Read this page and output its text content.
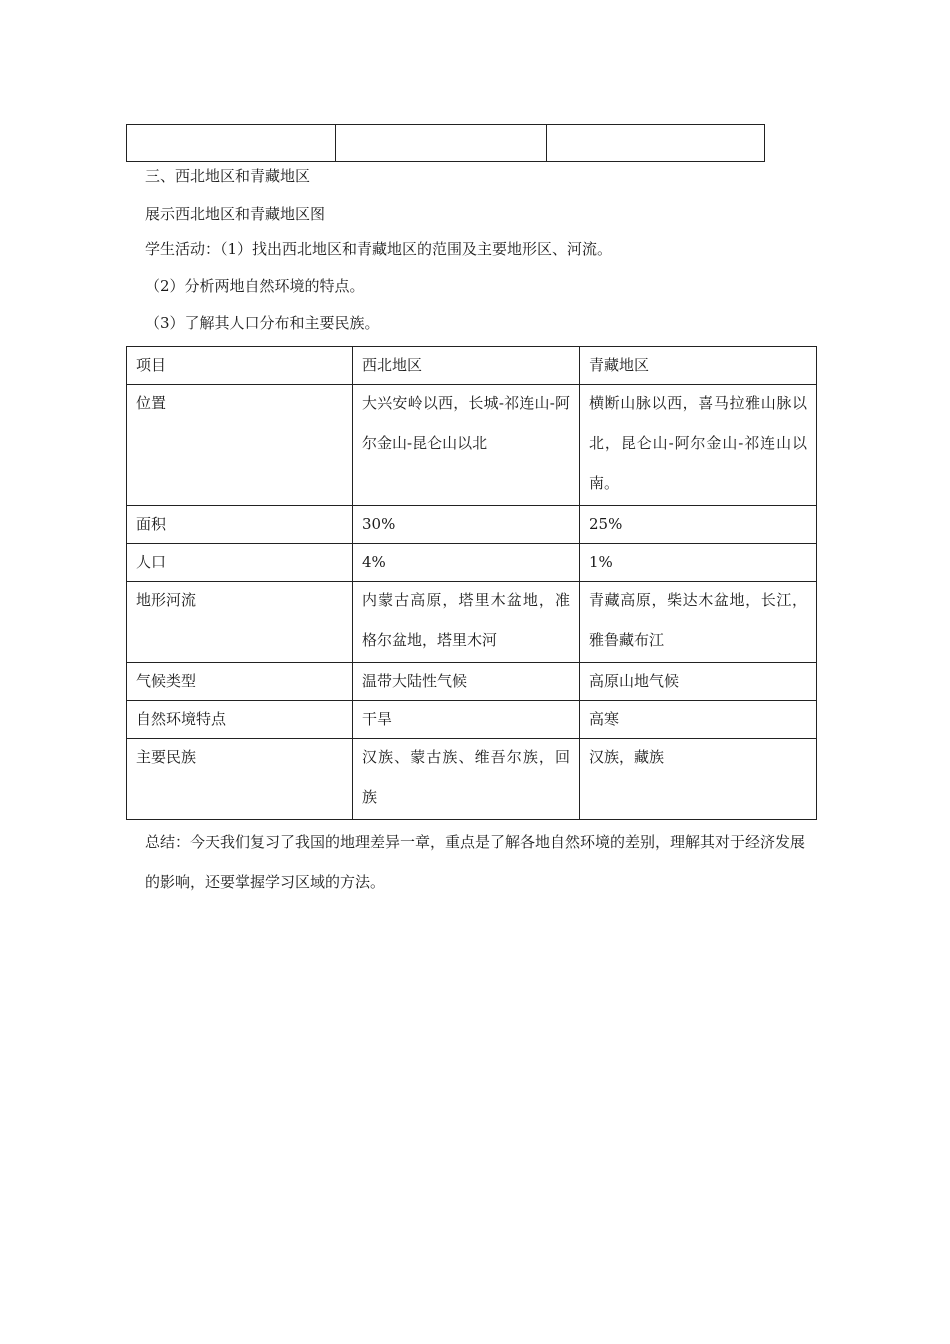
三、西北地区和青藏地区

展示西北地区和青藏地区图

学生活动：（1）找出西北地区和青藏地区的范围及主要地形区、河流。

（2）分析两地自然环境的特点。

（3）了解其人口分布和主要民族。

项目	西北地区	青藏地区

位置	大兴安岭以西，长城-祁连山-阿尔金山-昆仑山以北	横断山脉以西，喜马拉雅山脉以北，昆仑山-阿尔金山-祁连山以南。

面积	30%	25%

人口	4%	1%

地形河流	内蒙古高原，塔里木盆地，准格尔盆地，塔里木河	青藏高原，柴达木盆地，长江，雅鲁藏布江

气候类型	温带大陆性气候	高原山地气候

自然环境特点	干旱	高寒

主要民族	汉族、蒙古族、维吾尔族，回族	汉族，藏族

总结：今天我们复习了我国的地理差异一章，重点是了解各地自然环境的差别，理解其对于经济发展的影响，还要掌握学习区域的方法。
